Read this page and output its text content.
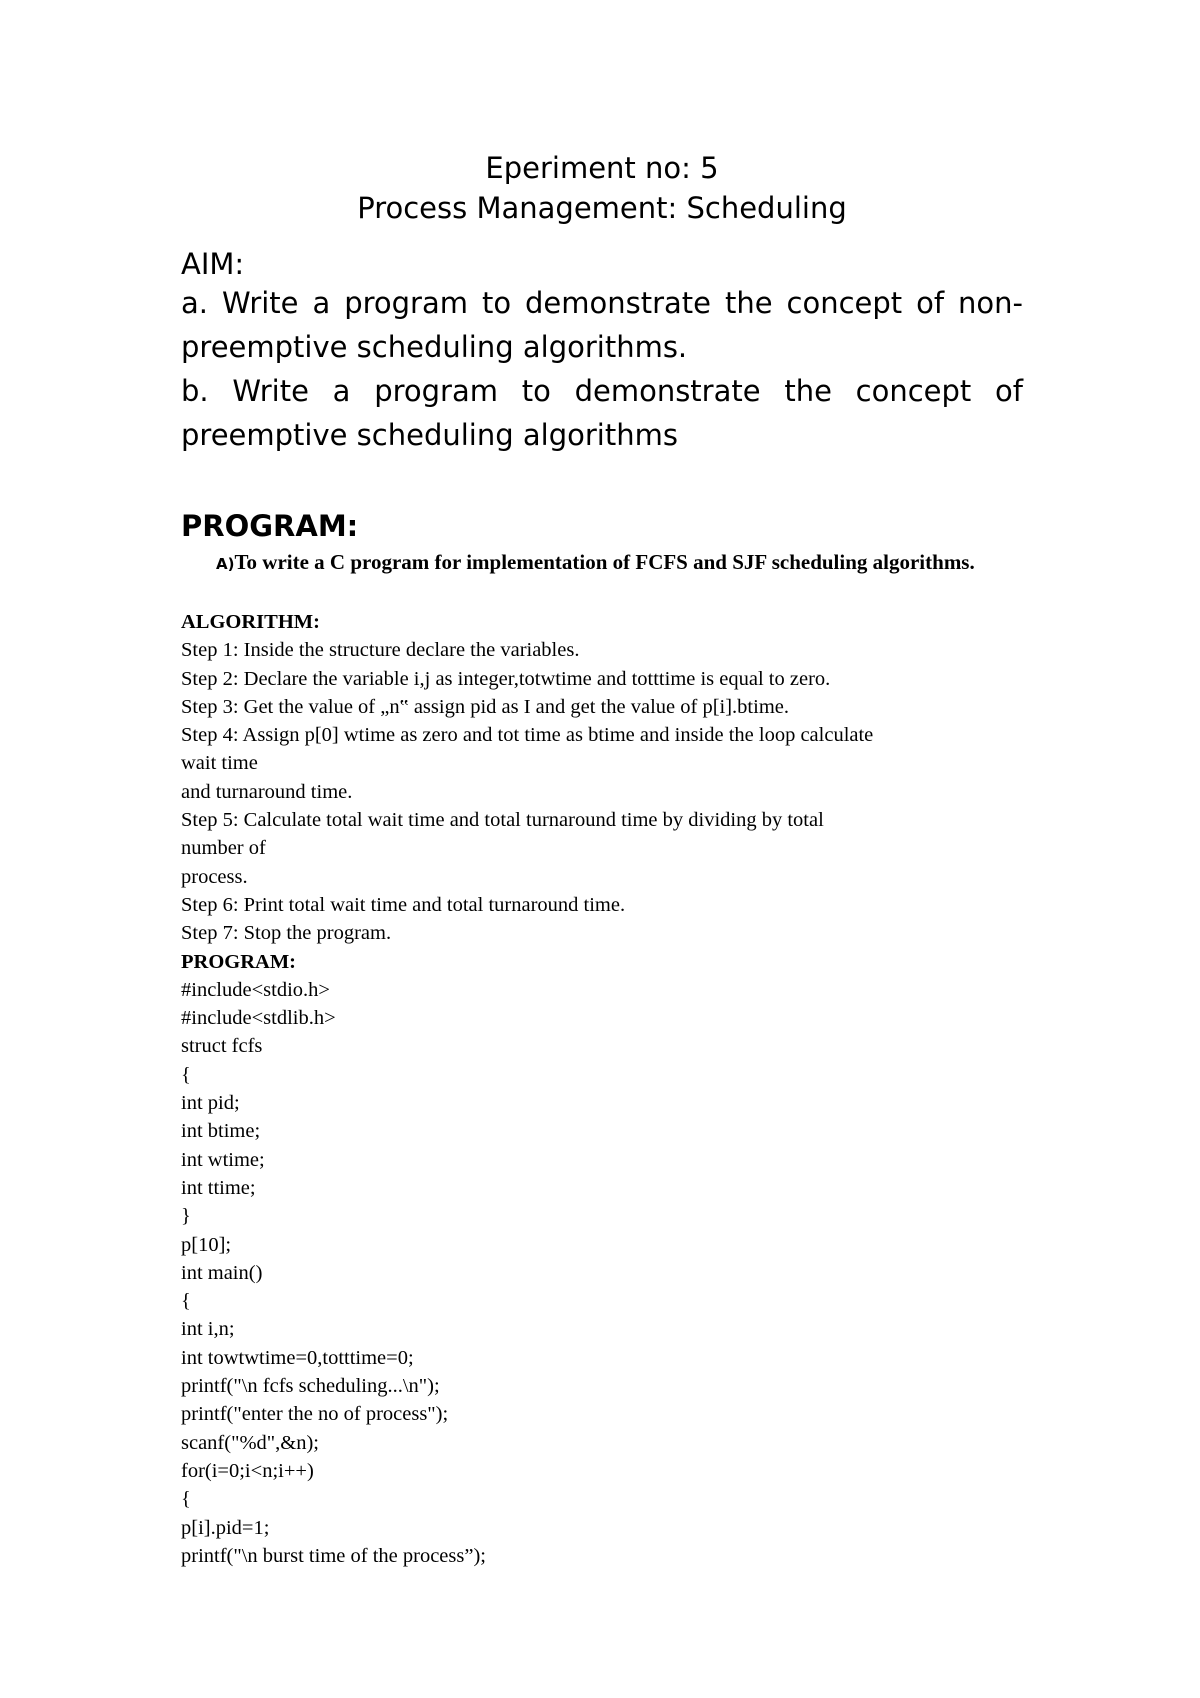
Eperiment no: 5
Process Management: Scheduling
AIM:
a. Write a program to demonstrate the concept of non-preemptive scheduling algorithms.
b. Write a program to demonstrate the concept of preemptive scheduling algorithms
PROGRAM:
A)To write a C program for implementation of FCFS and SJF scheduling algorithms.
ALGORITHM:
Step 1: Inside the structure declare the variables.
Step 2: Declare the variable i,j as integer,totwtime and totttime is equal to zero.
Step 3: Get the value of „n‟ assign pid as I and get the value of p[i].btime.
Step 4: Assign p[0] wtime as zero and tot time as btime and inside the loop calculate
wait time
and turnaround time.
Step 5: Calculate total wait time and total turnaround time by dividing by total
number of
process.
Step 6: Print total wait time and total turnaround time.
Step 7: Stop the program.
PROGRAM:
#include<stdio.h>
#include<stdlib.h>
struct fcfs
{
int pid;
int btime;
int wtime;
int ttime;
}
p[10];
int main()
{
int i,n;
int towtwtime=0,totttime=0;
printf("\n fcfs scheduling...\n");
printf("enter the no of process");
scanf("%d",&n);
for(i=0;i<n;i++)
{
p[i].pid=1;
printf("\n burst time of the process”);
